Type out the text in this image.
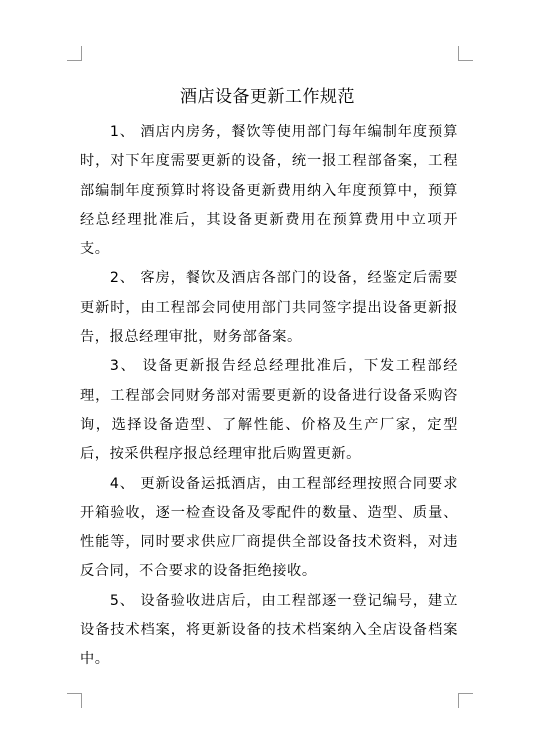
酒店设备更新工作规范

1、 酒店内房务，餐饮等使用部门每年编制年度预算时，对下年度需要更新的设备，统一报工程部备案，工程部编制年度预算时将设备更新费用纳入年度预算中，预算经总经理批准后，其设备更新费用在预算费用中立项开支。

2、 客房，餐饮及酒店各部门的设备，经鉴定后需要更新时，由工程部会同使用部门共同签字提出设备更新报告，报总经理审批，财务部备案。

3、 设备更新报告经总经理批准后，下发工程部经理，工程部会同财务部对需要更新的设备进行设备采购咨询，选择设备造型、了解性能、价格及生产厂家，定型后，按采供程序报总经理审批后购置更新。

4、 更新设备运抵酒店，由工程部经理按照合同要求开箱验收，逐一检查设备及零配件的数量、造型、质量、性能等，同时要求供应厂商提供全部设备技术资料，对违反合同，不合要求的设备拒绝接收。

5、 设备验收进店后，由工程部逐一登记编号，建立设备技术档案，将更新设备的技术档案纳入全店设备档案中。
